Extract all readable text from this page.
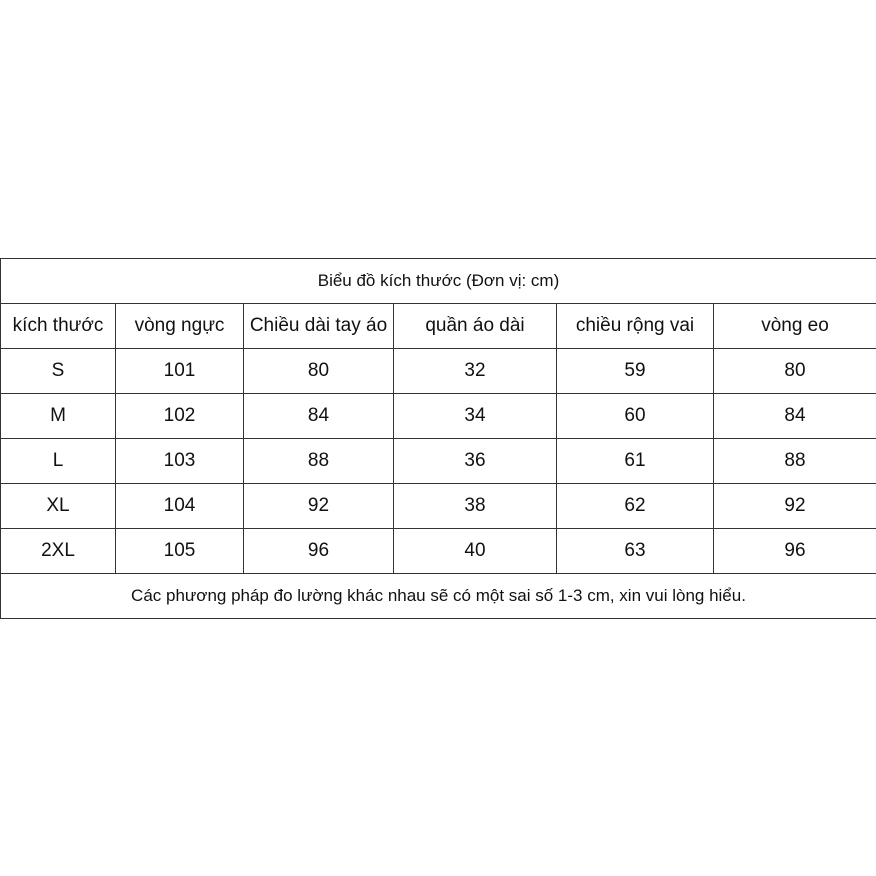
Biểu đồ kích thước (Đơn vị: cm)					
kích thước	vòng ngực	Chiều dài tay áo	quần áo dài	chiều rộng vai	vòng eo
S	101	80	32	59	80
M	102	84	34	60	84
L	103	88	36	61	88
XL	104	92	38	62	92
2XL	105	96	40	63	96
Các phương pháp đo lường khác nhau sẽ có một sai số 1-3 cm, xin vui lòng hiểu.					
